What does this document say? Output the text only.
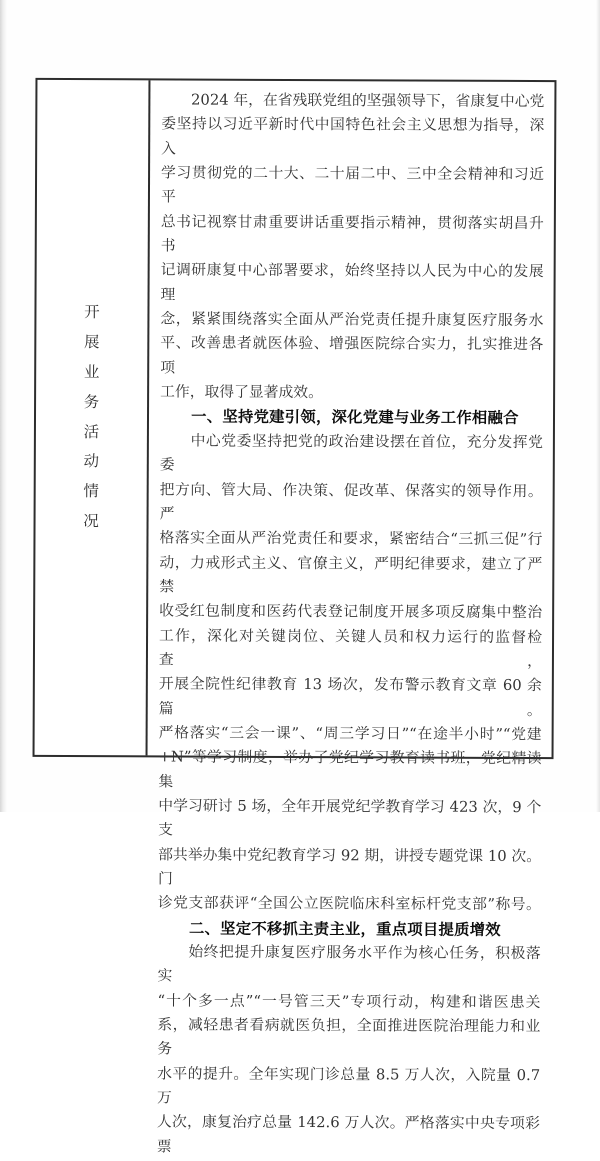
开
展
业
务
活
动
情
况
　　2024 年，在省残联党组的坚强领导下，省康复中心党
委坚持以习近平新时代中国特色社会主义思想为指导，深入
学习贯彻党的二十大、二十届二中、三中全会精神和习近平
总书记视察甘肃重要讲话重要指示精神，贯彻落实胡昌升书
记调研康复中心部署要求，始终坚持以人民为中心的发展理
念，紧紧围绕落实全面从严治党责任提升康复医疗服务水
平、改善患者就医体验、增强医院综合实力，扎实推进各项
工作，取得了显著成效。
　　一、坚持党建引领，深化党建与业务工作相融合
　　中心党委坚持把党的政治建设摆在首位，充分发挥党委
把方向、管大局、作决策、促改革、保落实的领导作用。严
格落实全面从严治党责任和要求，紧密结合“三抓三促”行
动，力戒形式主义、官僚主义，严明纪律要求，建立了严禁
收受红包制度和医药代表登记制度开展多项反腐集中整治
工作，深化对关键岗位、关键人员和权力运行的监督检查，
开展全院性纪律教育 13 场次，发布警示教育文章 60 余篇。
严格落实“三会一课”、“周三学习日”“在途半小时”“党建
+N”等学习制度，举办了党纪学习教育读书班，党纪精读集
中学习研讨 5 场，全年开展党纪学教育学习 423 次，9 个支
部共举办集中党纪教育学习 92 期，讲授专题党课 10 次。门
诊党支部获评“全国公立医院临床科室标杆党支部”称号。
　　二、坚定不移抓主责主业，重点项目提质增效
　　始终把提升康复医疗服务水平作为核心任务，积极落实
“十个多一点”“一号管三天”专项行动，构建和谐医患关
系，减轻患者看病就医负担，全面推进医院治理能力和业务
水平的提升。全年实现门诊总量 8.5 万人次，入院量 0.7 万
人次，康复治疗总量 142.6 万人次。严格落实中央专项彩票
